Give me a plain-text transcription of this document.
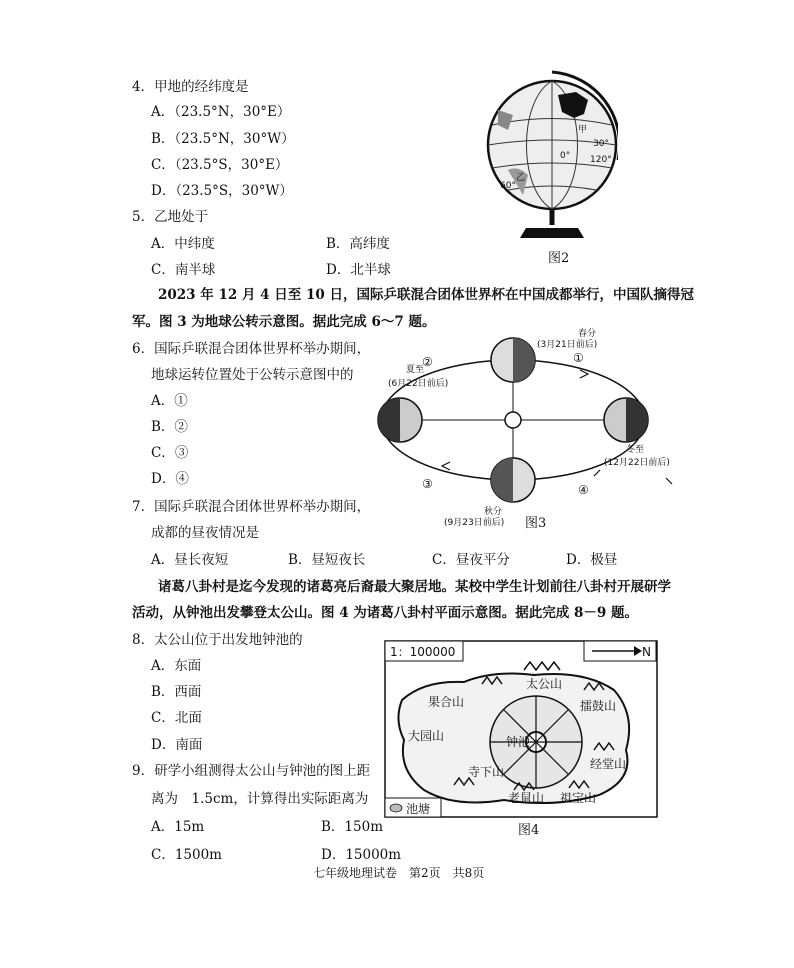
4．甲地的经纬度是
A．（23.5°N，30°E）
B．（23.5°N，30°W）
C．（23.5°S，30°E）
D．（23.5°S，30°W）
5．乙地处于
A．中纬度	B．高纬度
C．南半球	D．北半球
甲
乙
0°
30°
60°
120°
图2
2023 年 12 月 4 日至 10 日，国际乒联混合团体世界杯在中国成都举行，中国队摘得冠
军。图 3 为地球公转示意图。据此完成 6～7 题。
6．国际乒联混合团体世界杯举办期间，
地球运转位置处于公转示意图中的
A．①
B．②
C．③
D．④
春分
(3月21日前后)
夏至
(6月22日前后)
冬至
(12月22日前后)
秋分
(9月23日前后)
①
②
③	④
图3
7．国际乒联混合团体世界杯举办期间，
成都的昼夜情况是
A．昼长夜短	B．昼短夜长	C．昼夜平分	D．极昼
诸葛八卦村是迄今发现的诸葛亮后裔最大聚居地。某校中学生计划前往八卦村开展研学
活动，从钟池出发攀登太公山。图 4 为诸葛八卦村平面示意图。据此完成 8－9 题。
8．太公山位于出发地钟池的
A．东面
B．西面
C．北面
D．南面
9．研学小组测得太公山与钟池的图上距
离为　1.5cm，计算得出实际距离为
A．15m	B．150m
C．1500m	D．15000m
1：100000	N
太公山
果合山
大园山	钟池
寺下山
老鼠山 祖宝山
擂鼓山
经堂山
池塘
图4
七年级地理试卷　第2页　共8页
